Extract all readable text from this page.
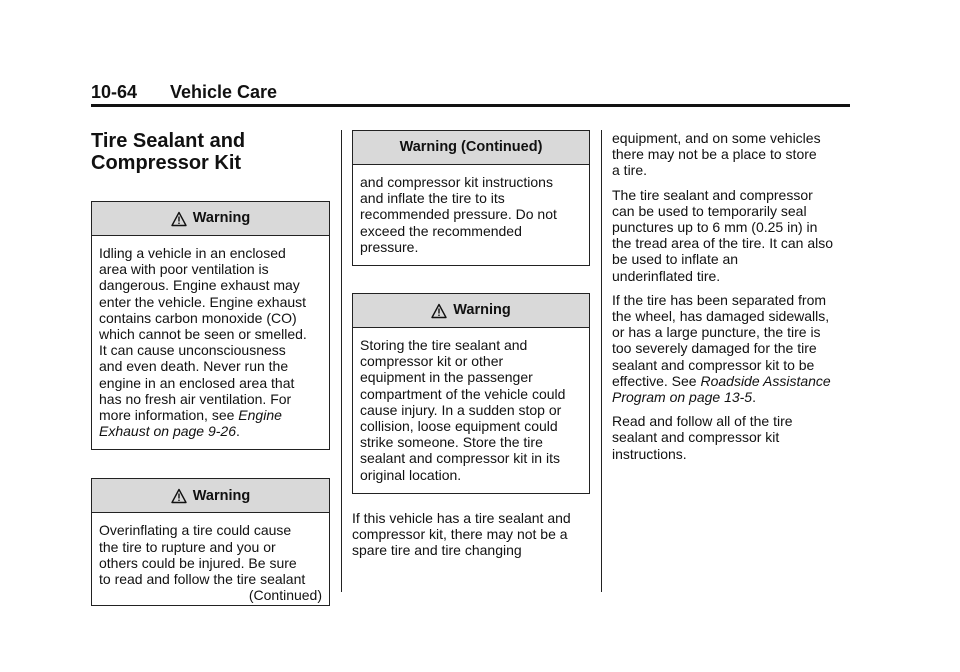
10-64 Vehicle Care
Tire Sealant and Compressor Kit
Warning
Idling a vehicle in an enclosed
area with poor ventilation is
dangerous. Engine exhaust may
enter the vehicle. Engine exhaust
contains carbon monoxide (CO)
which cannot be seen or smelled.
It can cause unconsciousness
and even death. Never run the
engine in an enclosed area that
has no fresh air ventilation. For
more information, see Engine
Exhaust on page 9-26.
Warning
Overinflating a tire could cause
the tire to rupture and you or
others could be injured. Be sure
to read and follow the tire sealant
(Continued)
Warning (Continued)
and compressor kit instructions
and inflate the tire to its
recommended pressure. Do not
exceed the recommended
pressure.
Warning
Storing the tire sealant and
compressor kit or other
equipment in the passenger
compartment of the vehicle could
cause injury. In a sudden stop or
collision, loose equipment could
strike someone. Store the tire
sealant and compressor kit in its
original location.

If this vehicle has a tire sealant and
compressor kit, there may not be a
spare tire and tire changing

equipment, and on some vehicles
there may not be a place to store
a tire.

The tire sealant and compressor
can be used to temporarily seal
punctures up to 6 mm (0.25 in) in
the tread area of the tire. It can also
be used to inflate an
underinflated tire.

If the tire has been separated from
the wheel, has damaged sidewalls,
or has a large puncture, the tire is
too severely damaged for the tire
sealant and compressor kit to be
effective. See Roadside Assistance
Program on page 13-5.

Read and follow all of the tire
sealant and compressor kit
instructions.
